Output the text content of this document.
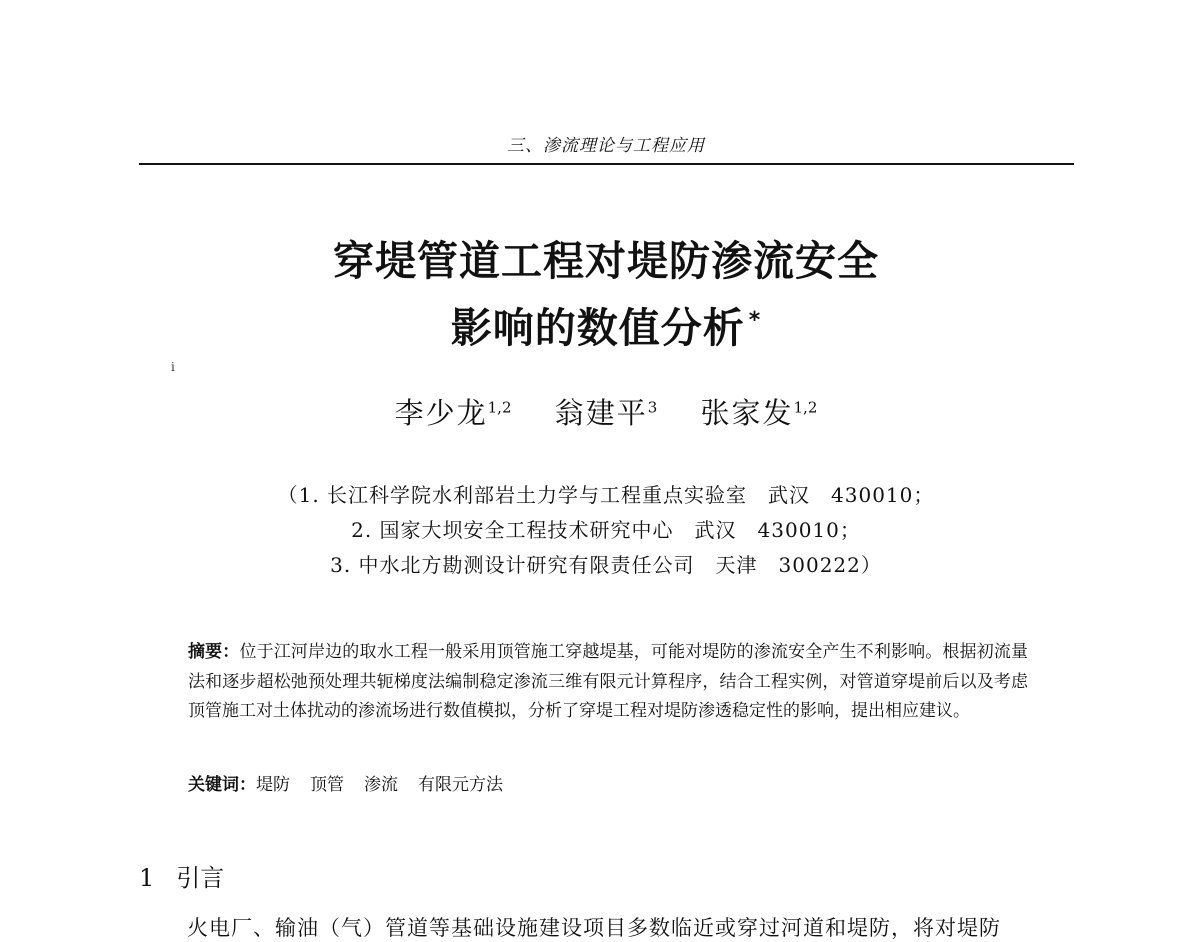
三、渗流理论与工程应用
穿堤管道工程对堤防渗流安全
影响的数值分析 *
ⅰ
李少龙$^{1,2}$ 翁建平$^3$ 张家发$^{1,2}$
（1. 长江科学院水利部岩土力学与工程重点实验室　武汉　430010；
2. 国家大坝安全工程技术研究中心　武汉　430010；
3. 中水北方勘测设计研究有限责任公司　天津　300222）
摘要：位于江河岸边的取水工程一般采用顶管施工穿越堤基，可能对堤防的渗流安全产生不利影响。根据初流量法和逐步超松弛预处理共轭梯度法编制稳定渗流三维有限元计算程序，结合工程实例，对管道穿堤前后以及考虑顶管施工对土体扰动的渗流场进行数值模拟，分析了穿堤工程对堤防渗透稳定性的影响，提出相应建议。
关键词：堤防 顶管 渗流 有限元方法
1 引言
火电厂、输油（气）管道等基础设施建设项目多数临近或穿过河道和堤防，将对堤防
